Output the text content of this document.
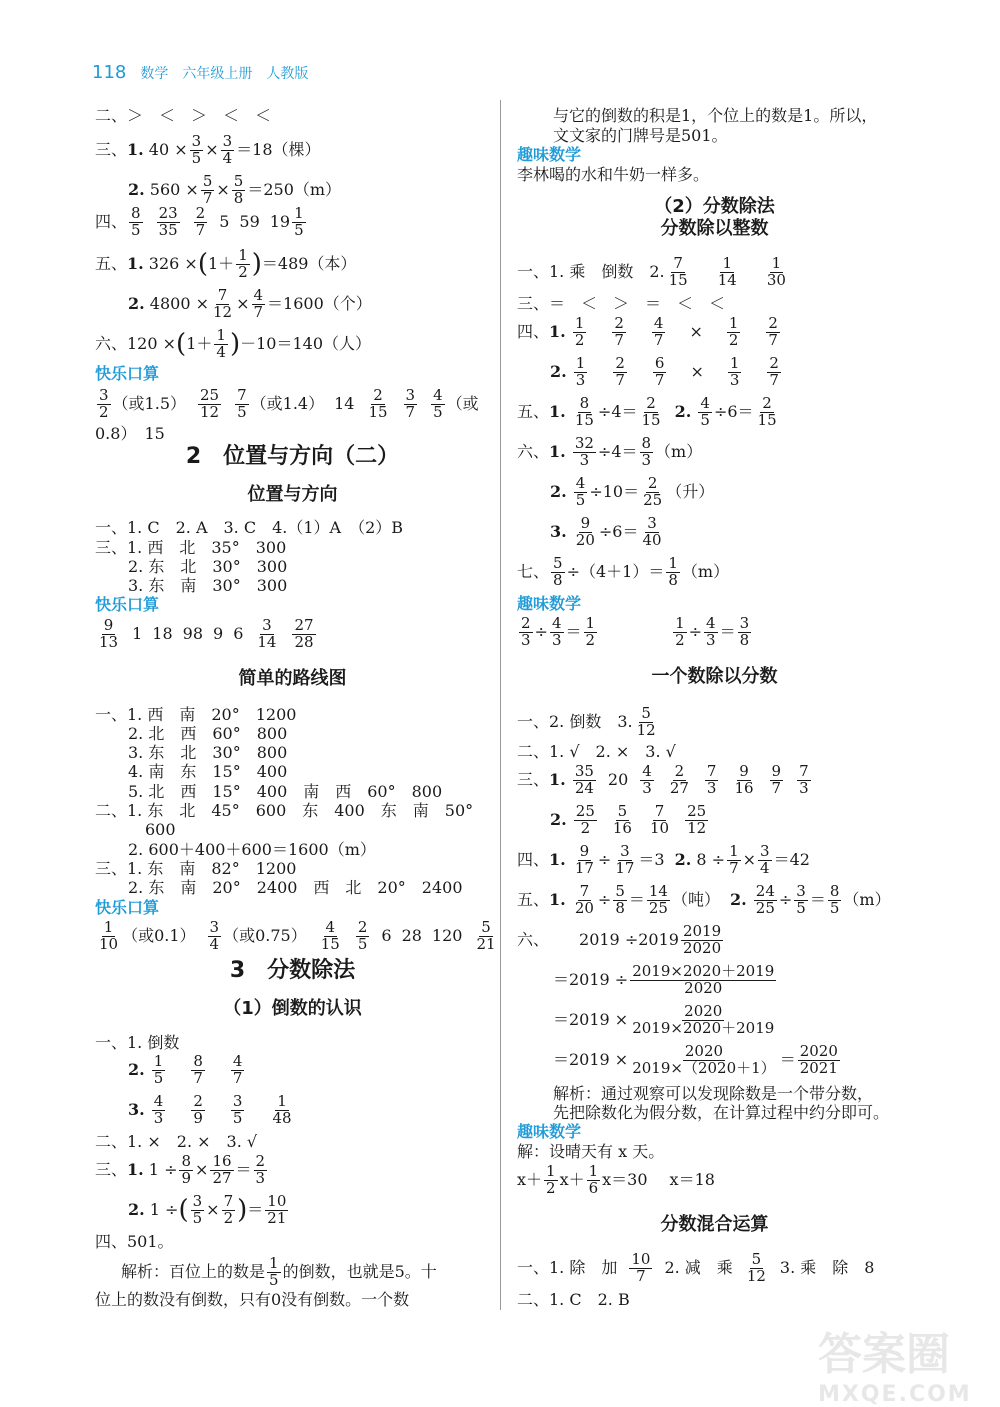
118 数学 六年级上册 人教版
二、＞　＜　＞　＜　＜
三、 1. $40 \times \frac{3}{5} \times \frac{3}{4} =18$（棵）
2. $560 \times \frac{5}{7} \times \frac{5}{8} =250(m)$
四、 $\frac{8}{5} \frac{23}{35} \frac{2}{7} 5$ 59 $19 \frac{1}{5}$
五、 1. 326 × ( $1+ \frac{1}{2}$ ) ＝489（本）
2. $4800 \times \frac{7}{12} \times \frac{4}{7} =1600$（个）
六、120 × ( $1+ \frac{1}{4}$ ) －10＝140（人）
快乐口算
$\frac{3}{2}$ （或$1.5) \frac{25}{12} \frac{7}{5}$ （或1.4） $14 \frac{2}{15} \frac{3}{7} \frac{4}{5}$ （或
0.8）　15
2　位置与方向（二）
位置与方向
一、1. C　2. A　3. C　4.（1）A　（2）B
三、1. 西　北　35°　300
2. 东　北　30°　300
3. 东　南　30°　300
快乐口算
$\frac{9}{13} 1$ 18 98 9 $6 \frac{3}{14} \frac{27}{28}$
简单的路线图
一、1. 西　南　20°　1200
2. 北　西　60°　800
3. 东　北　30°　800
4. 南　东　15°　400
5. 北　西　15°　400　南　西　60°　800
二、1. 东　北　45°　600　东　400　东　南　50°
600
2. 600＋400＋600＝1600（m）
三、1. 东　南　82°　1200
2. 东　南　20°　2400　西　北　20°　2400
快乐口算
$\frac{1}{10}$ （或$0.1) \frac{3}{4}$ （或$0.75) \frac{4}{15} \frac{2}{5} 6$ 28 $120 \frac{5}{21}$
3　分数除法
（1）倒数的认识
一、1. 倒数
2.
$\frac{1}{5} \frac{8}{7} \frac{4}{7}$
3.
$\frac{4}{3} \frac{2}{9} \frac{3}{5} \frac{1}{48}$
二、1. ×　2. ×　3. √
三、 1. $1 \div \frac{8}{9} \times \frac{16}{27} = \frac{2}{3}$
2. 1 ÷ ( $\frac{3}{5} \times \frac{7}{2}$ ) ＝ $\frac{10}{21}$
四、501。
解析：百位上的数是 $\frac{1}{5}$ 的倒数，也就是5。十
位上的数没有倒数，只有0没有倒数。一个数
与它的倒数的积是1，个位上的数是1。所以，
文文家的门牌号是501。
趣味数学
李林喝的水和牛奶一样多。
（2）分数除法
分数除以整数
一、1. 乘　倒数　2. $\frac{7}{15} \frac{1}{14} \frac{1}{30}$
三、＝　＜　＞　＝　＜　＜
四、 1.
$\frac{1}{2} \frac{2}{7} \frac{4}{7} \times \frac{1}{2} \frac{2}{7}$
2.
$\frac{1}{3} \frac{2}{7} \frac{6}{7} \times \frac{1}{3} \frac{2}{7}$
五、 1.
$\frac{8}{15} \div 4= \frac{2}{15} 2$.
$\frac{4}{5} \div 6= \frac{2}{15}$
六、 1.
$\frac{32}{3} \div 4= \frac{8}{3} (m)$
2.
$\frac{4}{5} \div 10= \frac{2}{25}$ （升）
3.
$\frac{9}{20} \div 6= \frac{3}{40}$
七、 $\frac{5}{8} \div(4+1)= \frac{1}{8} (m)$
趣味数学
$\frac{2}{3} \div \frac{4}{3} = \frac{1}{2}$	$\frac{1}{2} \div \frac{4}{3} = \frac{3}{8}$
一个数除以分数
一、2. 倒数　3. $\frac{5}{12}$
二、1. √　2. ×　3. √
三、 1.
$\frac{35}{24} 20 \frac{4}{3} \frac{2}{27} \frac{7}{3} \frac{9}{16} \frac{9}{7} \frac{7}{3}$
2.
$\frac{25}{2} \frac{5}{16} \frac{7}{10} \frac{25}{12}$
四、 1.
$\frac{9}{17} \div \frac{3}{17} =3$ 2. $8 \div \frac{1}{7} \times \frac{3}{4} =42$
五、 1.
$\frac{7}{20} \div \frac{5}{8} = \frac{14}{25}$ （吨） 2.
$\frac{24}{25} \div \frac{3}{5} = \frac{8}{5} (m)$
六、 $2019 \div 2019 \frac{2019}{2020}$
$=2019 \div \frac{2019\times 2020+2019}{2020}$
$=2019 \times \frac{2020}{2019\times 2020+2019}$
$=2019 \times \frac{2020}{2019\times(2020+1)} = \frac{2020}{2021}$
解析：通过观察可以发现除数是一个带分数，
先把除数化为假分数，在计算过程中约分即可。
趣味数学
解：设晴天有 x 天。
$x+ \frac{1}{2} x+ \frac{1}{6} x=30$ x＝18
分数混合运算
一、1. 除　加 $\frac{10}{7} 2$. 减　乘 $\frac{5}{12} 3$. 乘　除　8
二、1. C　2. B
答案圈
MXQE.COM
